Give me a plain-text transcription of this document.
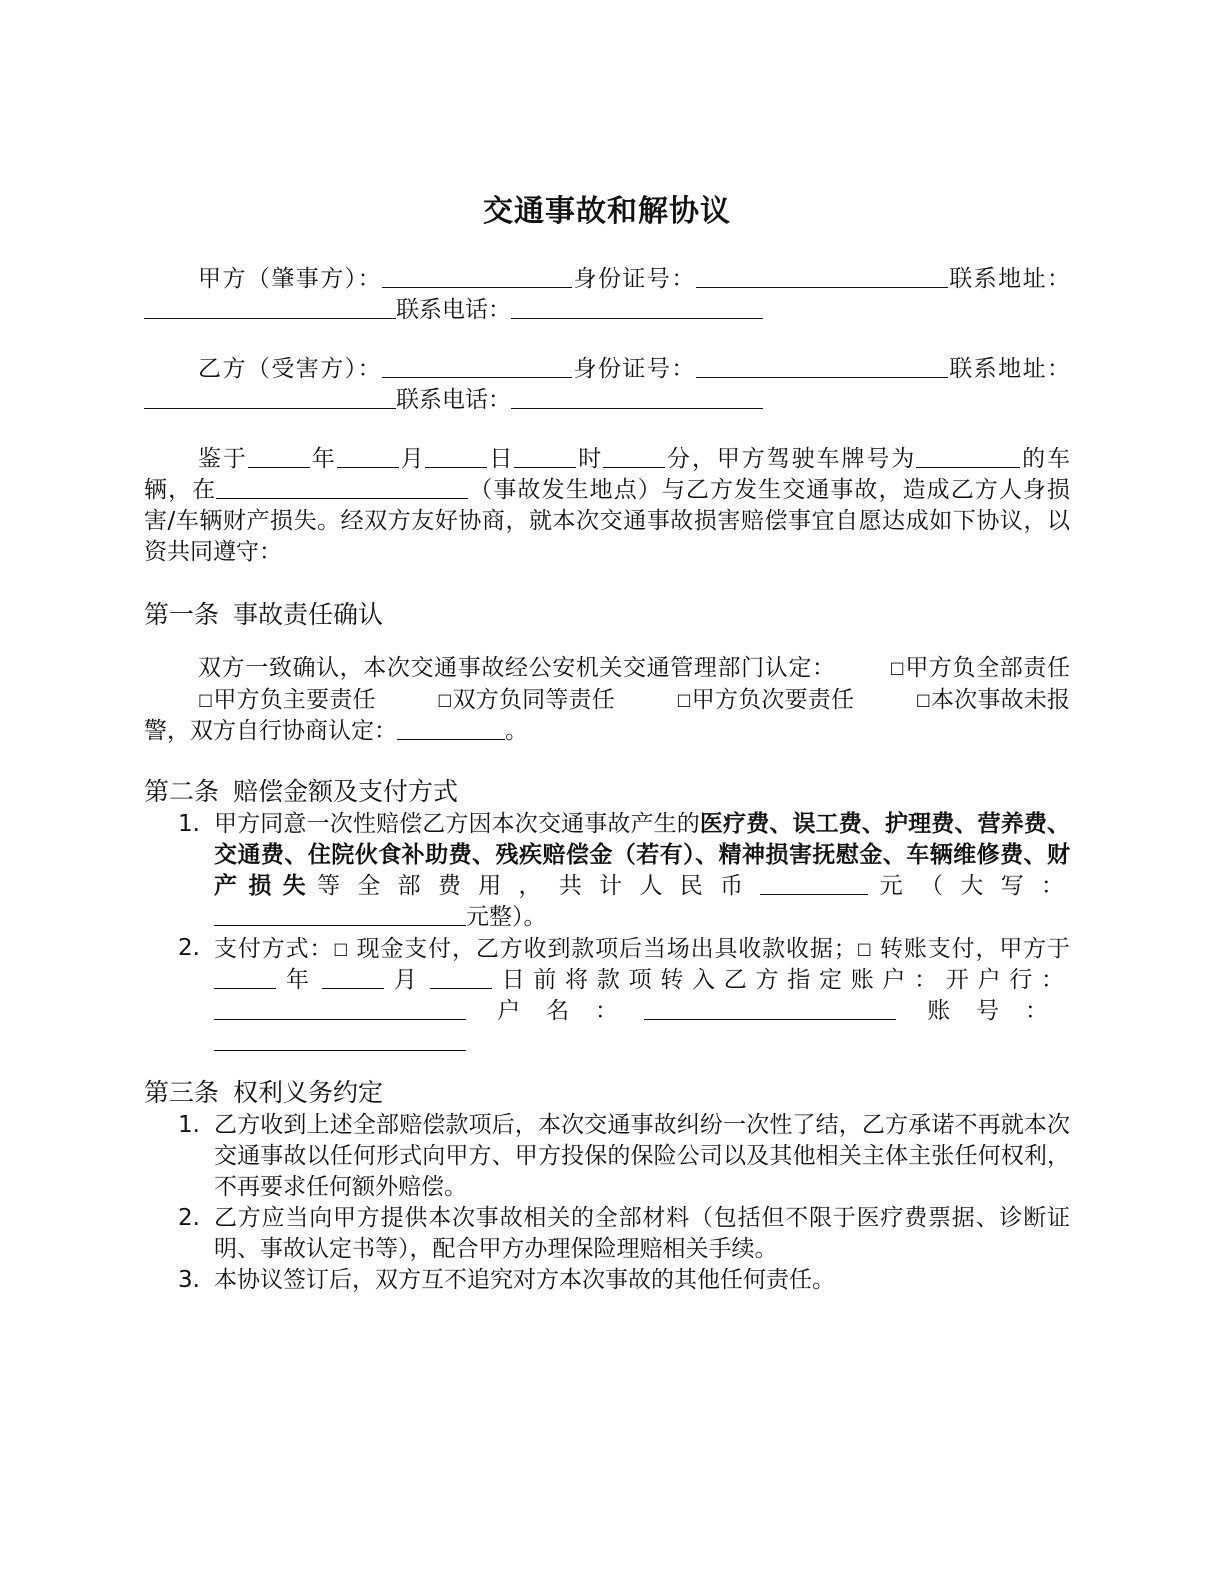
交通事故和解协议

甲方（肇事方）：	身份证号：	联系地址：联系电话：

乙方（受害方）：	身份证号：	联系地址：联系电话：

鉴于	年	月	日	时	分，甲方驾驶车牌号为	的车辆，在	（事故发生地点）与乙方发生交通事故，造成乙方人身损害/车辆财产损失。经双方友好协商，就本次交通事故损害赔偿事宜自愿达成如下协议，以资共同遵守：

第一条 事故责任确认

双方一致确认，本次交通事故经公安机关交通管理部门认定：	□甲方负全部责任 □甲方负主要责任	□双方负同等责任	□甲方负次要责任	□本次事故未报警，双方自行协商认定：	。

第二条 赔偿金额及支付方式
1. 甲方同意一次性赔偿乙方因本次交通事故产生的医疗费、误工费、护理费、营养费、交通费、住院伙食补助费、残疾赔偿金（若有）、精神损害抚慰金、车辆维修费、财产损失等全部费用，共计人民币	元（大写：元整）。
2. 支付方式：□ 现金支付，乙方收到款项后当场出具收款收据；□ 转账支付，甲方于 年	月	日前将款项转入乙方指定账户：开户行： 户名：	账号：
第三条 权利义务约定
1. 乙方收到上述全部赔偿款项后，本次交通事故纠纷一次性了结，乙方承诺不再就本次交通事故以任何形式向甲方、甲方投保的保险公司以及其他相关主体主张任何权利，不再要求任何额外赔偿。
2. 乙方应当向甲方提供本次事故相关的全部材料（包括但不限于医疗费票据、诊断证明、事故认定书等），配合甲方办理保险理赔相关手续。
3. 本协议签订后，双方互不追究对方本次事故的其他任何责任。
